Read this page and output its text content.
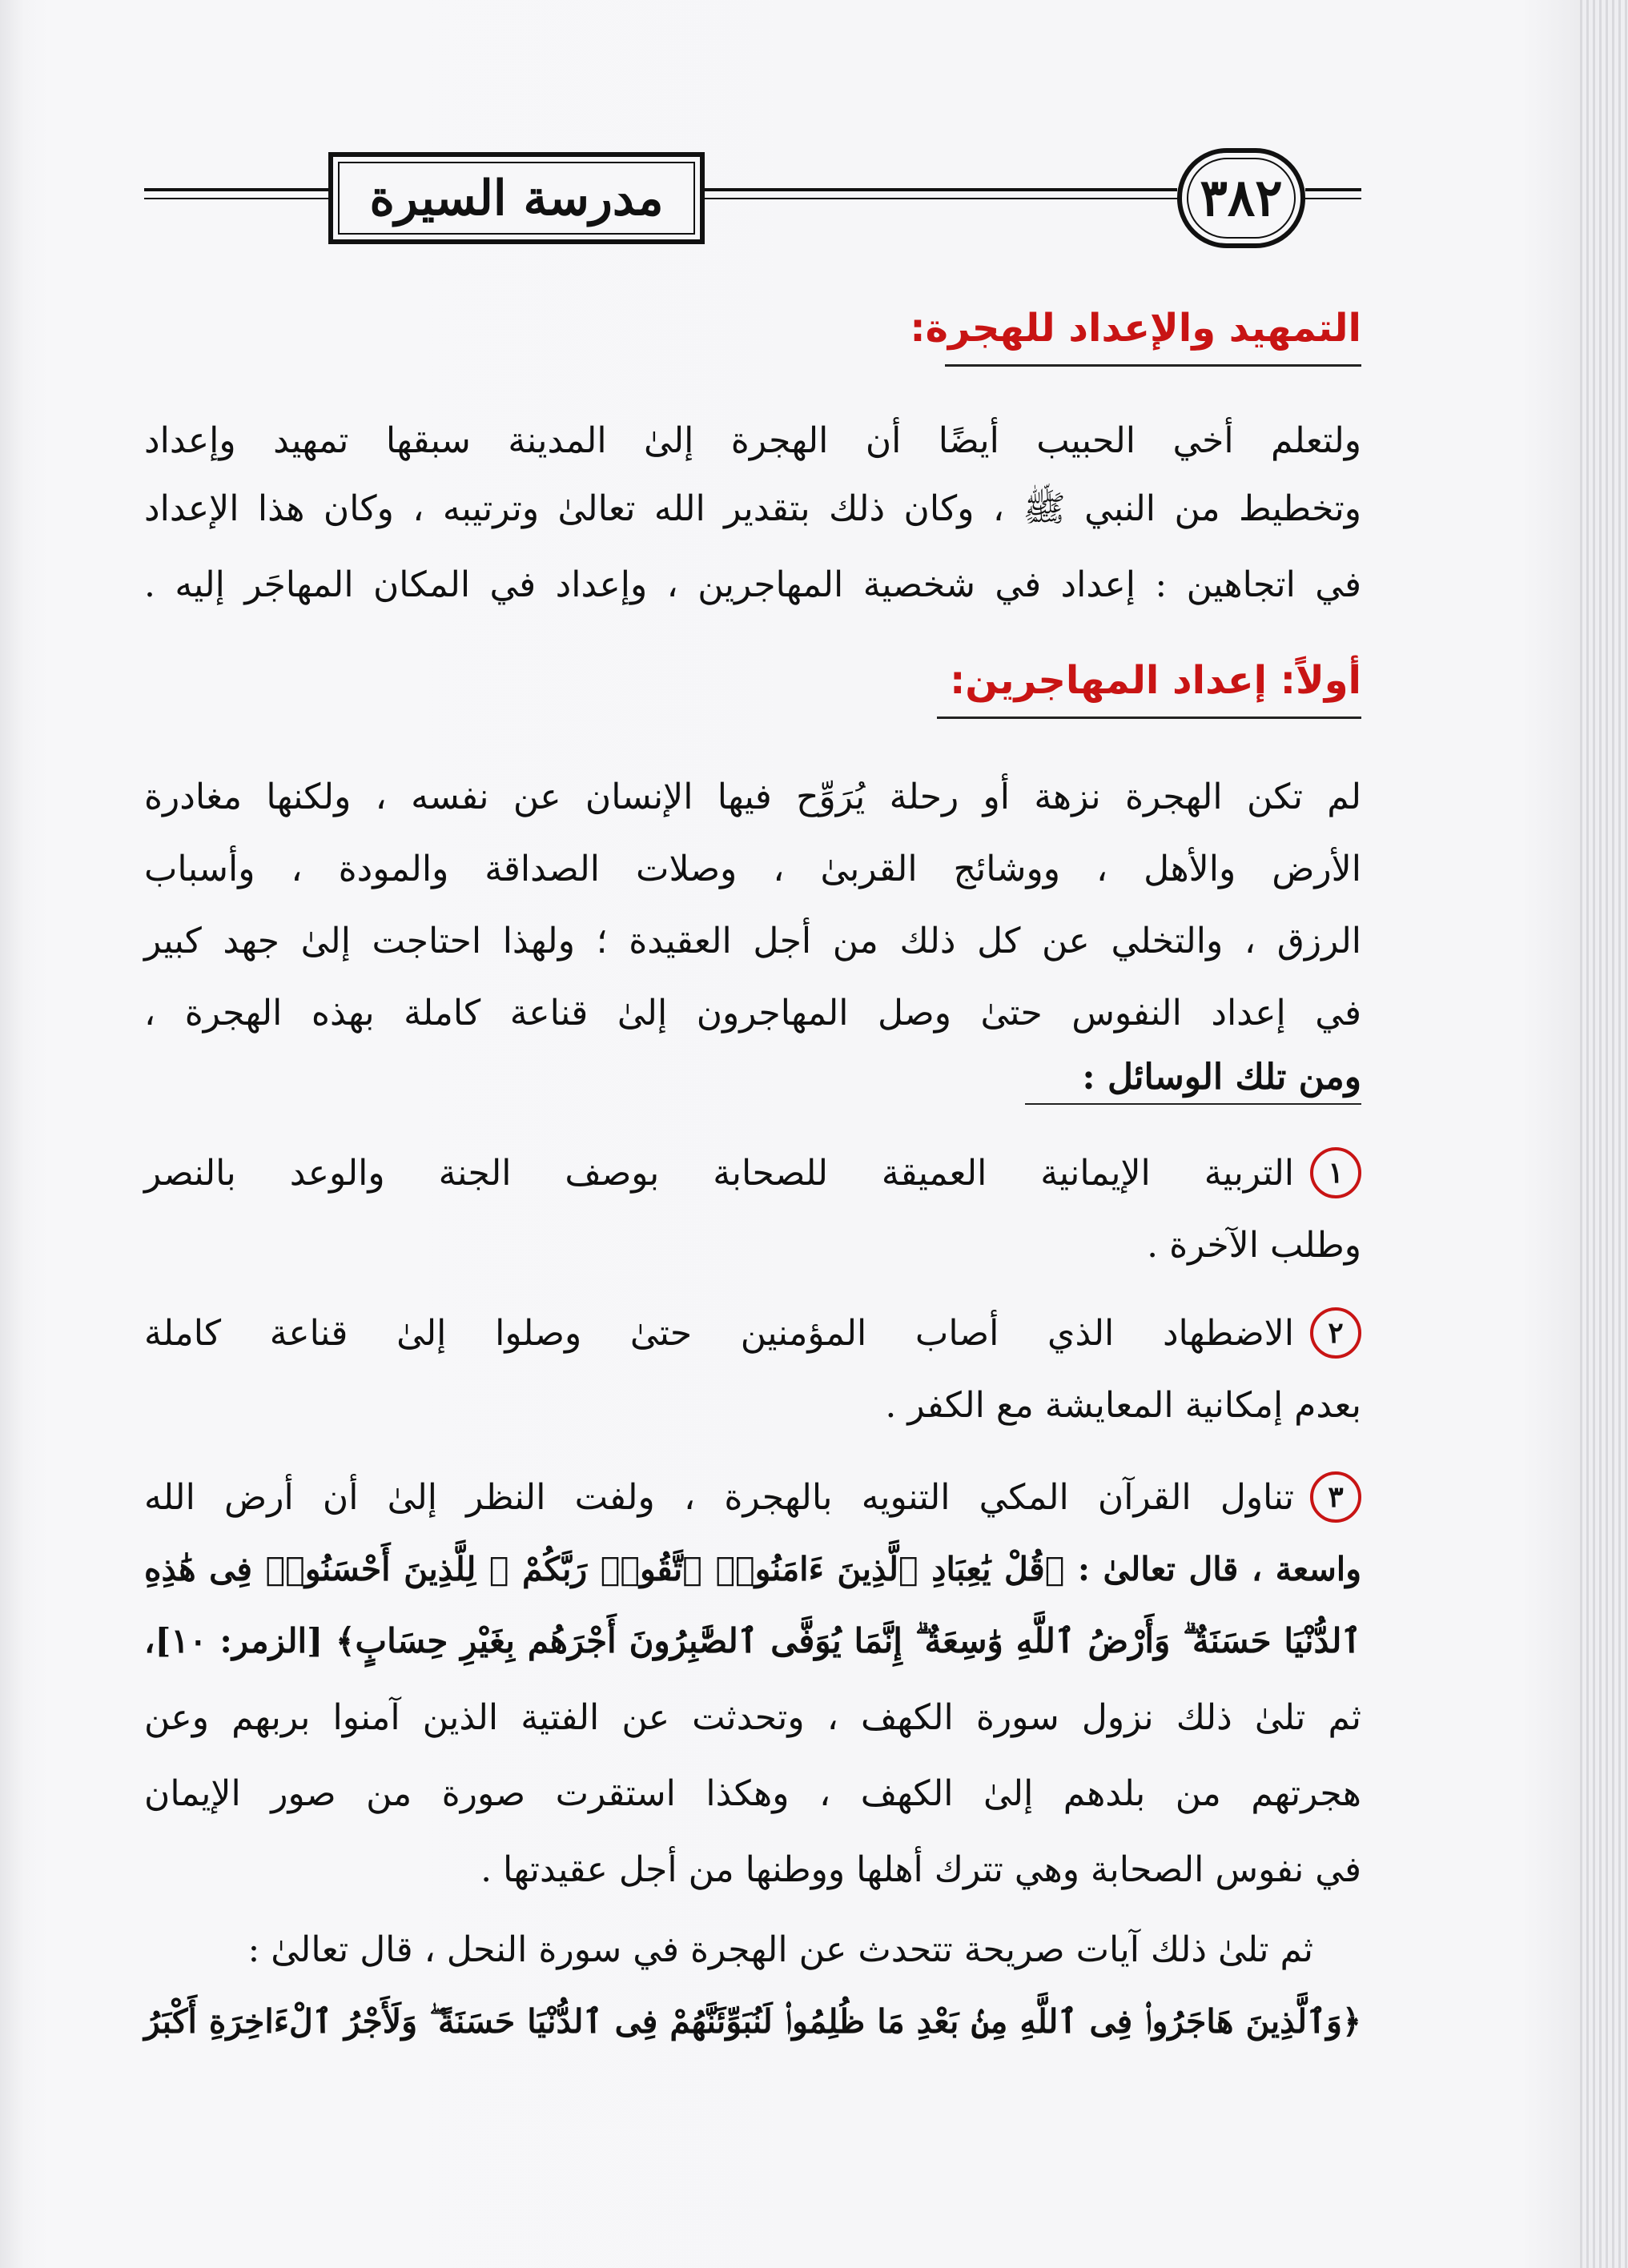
مدرسة السيرة	٣٨٢
التمهيد والإعداد للهجرة:
ولتعلم أخي الحبيب أيضًا أن الهجرة إلىٰ المدينة سبقها تمهيد وإعداد
وتخطيط من النبي ﷺ ، وكان ذلك بتقدير الله تعالىٰ وترتيبه ، وكان هذا الإعداد
في اتجاهين : إعداد في شخصية المهاجرين ، وإعداد في المكان المهاجَر إليه .
أولاً: إعداد المهاجرين:
لم تكن الهجرة نزهة أو رحلة يُرَوِّح فيها الإنسان عن نفسه ، ولكنها مغادرة
الأرض والأهل ، ووشائج القربىٰ ، وصلات الصداقة والمودة ، وأسباب
الرزق ، والتخلي عن كل ذلك من أجل العقيدة ؛ ولهذا احتاجت إلىٰ جهد كبير
في إعداد النفوس حتىٰ وصل المهاجرون إلىٰ قناعة كاملة بهذه الهجرة ،
ومن تلك الوسائل :
١
التربية الإيمانية العميقة للصحابة بوصف الجنة والوعد بالنصر
وطلب الآخرة .
٢
الاضطهاد الذي أصاب المؤمنين حتىٰ وصلوا إلىٰ قناعة كاملة
بعدم إمكانية المعايشة مع الكفر .
٣
تناول القرآن المكي التنويه بالهجرة ، ولفت النظر إلىٰ أن أرض الله
واسعة ، قال تعالىٰ : ﴿قُلْ يَٰعِبَادِ ٱلَّذِينَ ءَامَنُوا۟ ٱتَّقُوا۟ رَبَّكُمْ ۚ لِلَّذِينَ أَحْسَنُوا۟ فِى هَٰذِهِ
ٱلدُّنْيَا حَسَنَةٌ ۗ وَأَرْضُ ٱللَّهِ وَٰسِعَةٌ ۗ إِنَّمَا يُوَفَّى ٱلصَّٰبِرُونَ أَجْرَهُم بِغَيْرِ حِسَابٍ﴾ [الزمر: ١٠]،
ثم تلىٰ ذلك نزول سورة الكهف ، وتحدثت عن الفتية الذين آمنوا بربهم وعن
هجرتهم من بلدهم إلىٰ الكهف ، وهكذا استقرت صورة من صور الإيمان
في نفوس الصحابة وهي تترك أهلها ووطنها من أجل عقيدتها .
ثم تلىٰ ذلك آيات صريحة تتحدث عن الهجرة في سورة النحل ، قال تعالىٰ :
﴿وَٱلَّذِينَ هَاجَرُوا۟ فِى ٱللَّهِ مِنۢ بَعْدِ مَا ظُلِمُوا۟ لَنُبَوِّئَنَّهُمْ فِى ٱلدُّنْيَا حَسَنَةً ۖ وَلَأَجْرُ ٱلْءَاخِرَةِ أَكْبَرُ
